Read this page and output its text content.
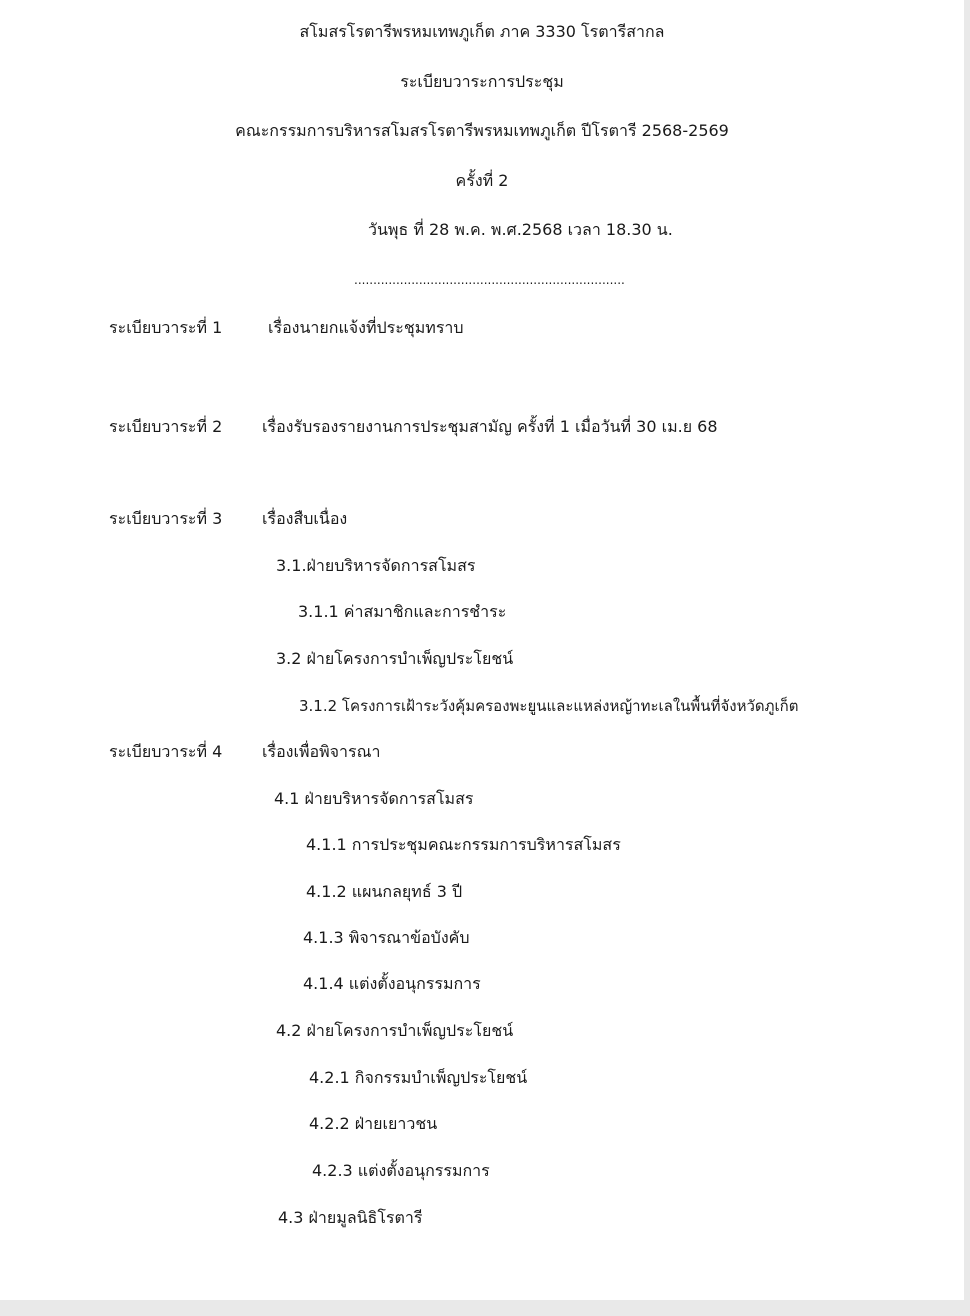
สโมสรโรตารีพรหมเทพภูเก็ต ภาค 3330 โรตารีสากล
ระเบียบวาระการประชุม
คณะกรรมการบริหารสโมสรโรตารีพรหมเทพภูเก็ต ปีโรตารี 2568-2569
ครั้งที่ 2
วันพุธ ที่ 28 พ.ค. พ.ศ.2568 เวลา 18.30 น.
.......................................................................
ระเบียบวาระที่ 1	เรื่องนายกแจ้งที่ประชุมทราบ
ระเบียบวาระที่ 2 เรื่องรับรองรายงานการประชุมสามัญ ครั้งที่ 1 เมื่อวันที่ 30 เม.ย 68
ระเบียบวาระที่ 3 เรื่องสืบเนื่อง
3.1.ฝ่ายบริหารจัดการสโมสร
3.1.1 ค่าสมาชิกและการชำระ
3.2 ฝ่ายโครงการบำเพ็ญประโยชน์
3.1.2 โครงการเฝ้าระวังคุ้มครองพะยูนและแหล่งหญ้าทะเลในพื้นที่จังหวัดภูเก็ต
ระเบียบวาระที่ 4 เรื่องเพื่อพิจารณา
4.1 ฝ่ายบริหารจัดการสโมสร
4.1.1 การประชุมคณะกรรมการบริหารสโมสร
4.1.2 แผนกลยุทธ์ 3 ปี
4.1.3 พิจารณาข้อบังคับ
4.1.4 แต่งตั้งอนุกรรมการ
4.2 ฝ่ายโครงการบำเพ็ญประโยชน์
4.2.1 กิจกรรมบำเพ็ญประโยชน์
4.2.2 ฝ่ายเยาวชน
4.2.3 แต่งตั้งอนุกรรมการ
4.3 ฝ่ายมูลนิธิโรตารี
